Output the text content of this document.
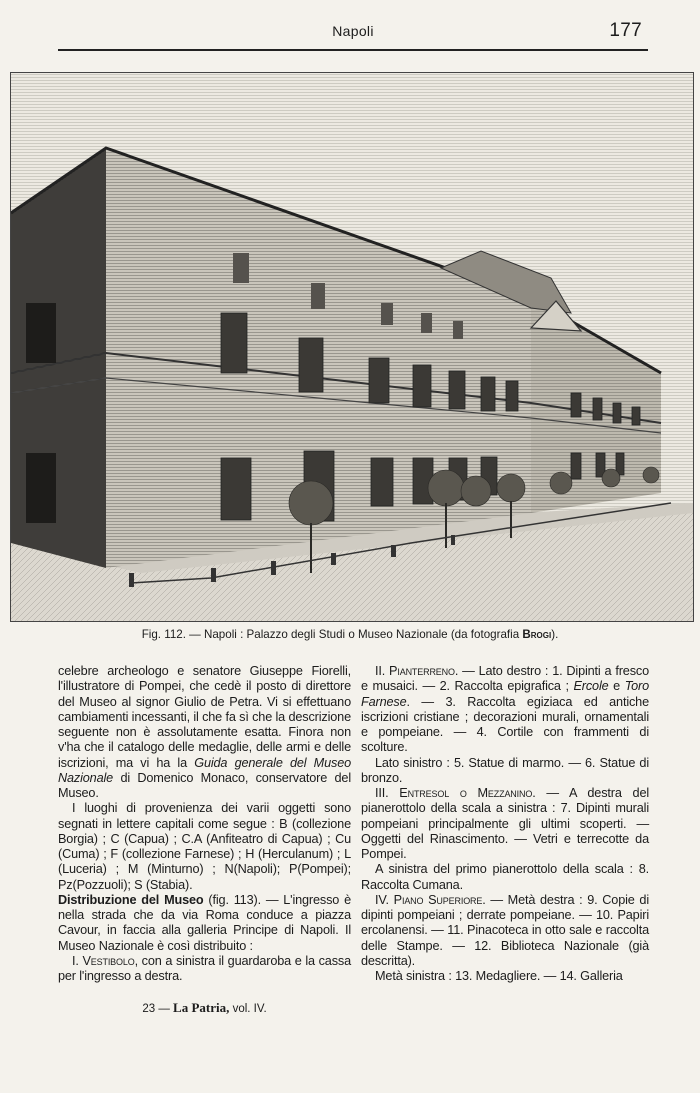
Napoli	177
Fig. 112. — Napoli : Palazzo degli Studi o Museo Nazionale (da fotografia Brogi).

celebre archeologo e senatore Giuseppe Fiorelli, l'illustratore di Pompei, che cedè il posto di direttore del Museo al signor Giulio de Petra. Vi si effettuano cambiamenti incessanti, il che fa sì che la descrizione seguente non è assolutamente esatta. Finora non v'ha che il catalogo delle medaglie, delle armi e delle iscrizioni, ma vi ha la Guida generale del Museo Nazionale di Domenico Monaco, conservatore del Museo.

I luoghi di provenienza dei varii oggetti sono segnati in lettere capitali come segue : B (collezione Borgia) ; C (Capua) ; C.A (Anfiteatro di Capua) ; Cu (Cuma) ; F (collezione Farnese) ; H (Herculanum) ; L (Luceria) ; M (Minturno) ; N(Napoli); P(Pompei); Pz(Pozzuoli); S (Stabia).

Distribuzione del Museo (fig. 113). — L'ingresso è nella strada che da via Roma conduce a piazza Cavour, in faccia alla galleria Principe di Napoli. Il Museo Nazionale è così distribuito :

I. Vestibolo, con a sinistra il guardaroba e la cassa per l'ingresso a destra.

II. Pianterreno. — Lato destro : 1. Dipinti a fresco e musaici. — 2. Raccolta epigrafica ; Ercole e Toro Farnese. — 3. Raccolta egiziaca ed antiche iscrizioni cristiane ; decorazioni murali, ornamentali e pompeiane. — 4. Cortile con frammenti di scolture.

Lato sinistro : 5. Statue di marmo. — 6. Statue di bronzo.

III. Entresol o Mezzanino. — A destra del pianerottolo della scala a sinistra : 7. Dipinti murali pompeiani principalmente gli ultimi scoperti. — Oggetti del Rinascimento. — Vetri e terrecotte da Pompei.

A sinistra del primo pianerottolo della scala : 8. Raccolta Cumana.

IV. Piano Superiore. — Metà destra : 9. Copie di dipinti pompeiani ; derrate pompeiane. — 10. Papiri ercolanensi. — 11. Pinacoteca in otto sale e raccolta delle Stampe. — 12. Biblioteca Nazionale (già descritta).

Metà sinistra : 13. Medagliere. — 14. Galleria

23 — La Patria, vol. IV.
